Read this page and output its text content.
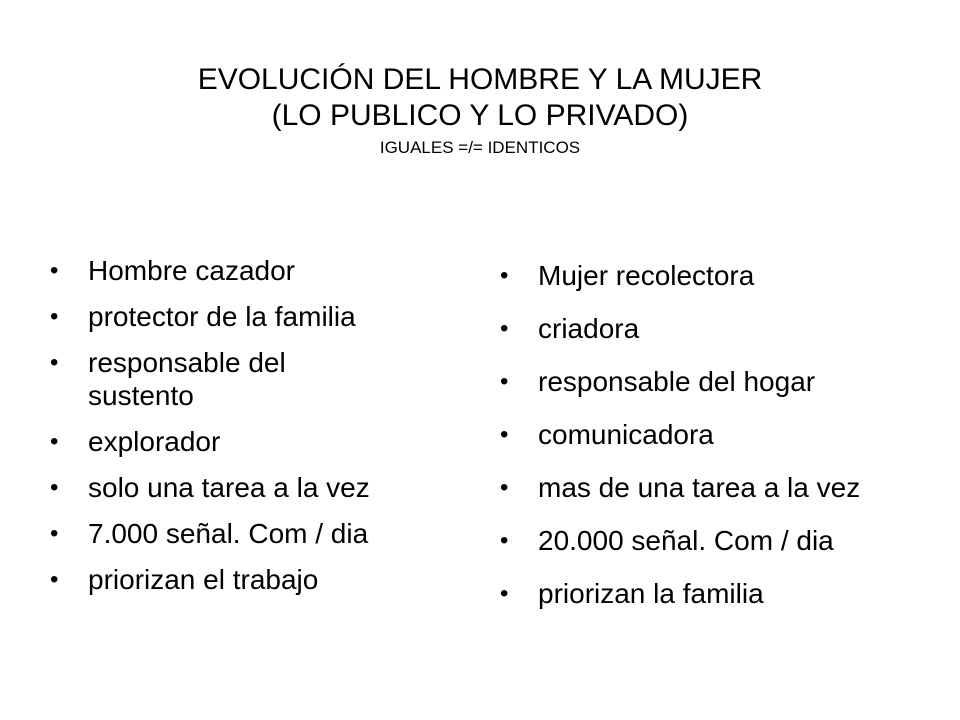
EVOLUCIÓN DEL HOMBRE Y LA MUJER
(LO PUBLICO Y LO PRIVADO)
IGUALES =/= IDENTICOS
• Hombre cazador
• protector de la familia
• responsable del sustento
• explorador
• solo una tarea a la vez
• 7.000 señal. Com / dia
• priorizan el trabajo
• Mujer recolectora
• criadora
• responsable del hogar
• comunicadora
• mas de una tarea a la vez
• 20.000 señal. Com / dia
• priorizan la familia
